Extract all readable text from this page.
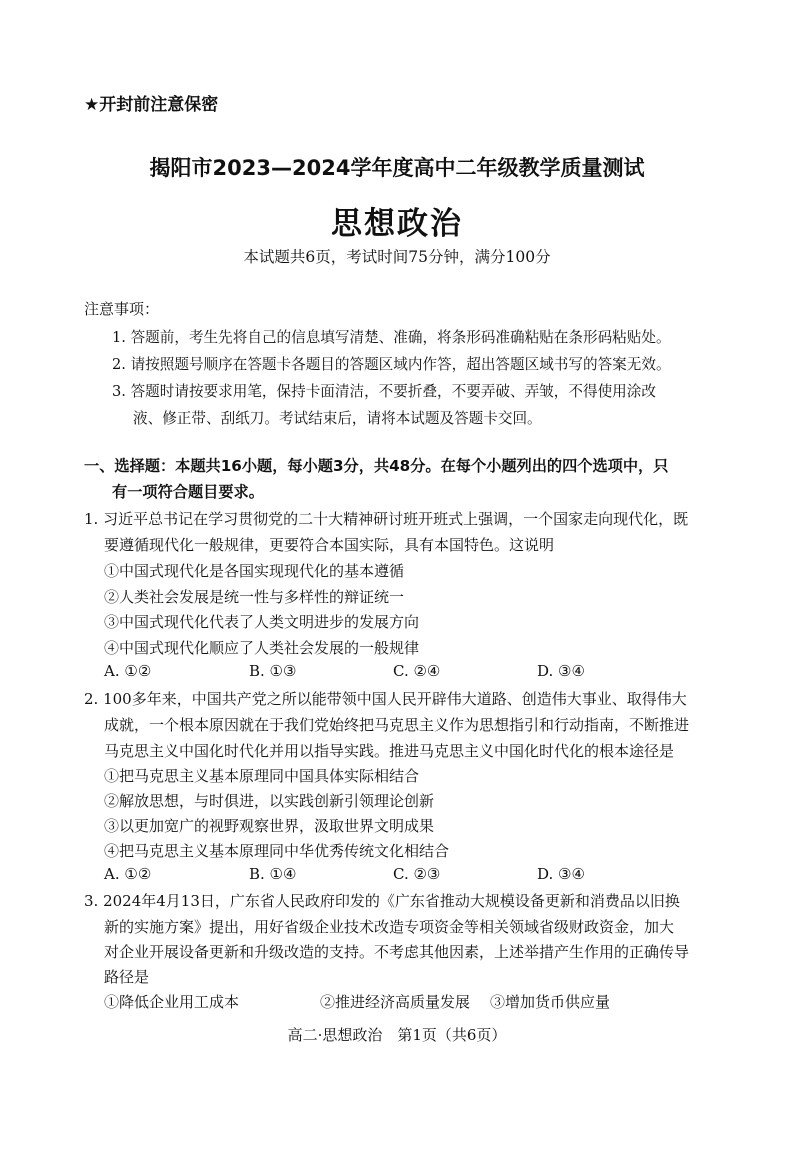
★开封前注意保密
揭阳市2023—2024学年度高中二年级教学质量测试
思想政治
本试题共6页，考试时间75分钟，满分100分
注意事项：
1. 答题前，考生先将自己的信息填写清楚、准确，将条形码准确粘贴在条形码粘贴处。
2. 请按照题号顺序在答题卡各题目的答题区域内作答，超出答题区域书写的答案无效。
3. 答题时请按要求用笔，保持卡面清洁，不要折叠，不要弄破、弄皱，不得使用涂改
液、修正带、刮纸刀。考试结束后，请将本试题及答题卡交回。
一、选择题：本题共16小题，每小题3分，共48分。在每个小题列出的四个选项中，只
有一项符合题目要求。
1. 习近平总书记在学习贯彻党的二十大精神研讨班开班式上强调，一个国家走向现代化，既
要遵循现代化一般规律，更要符合本国实际，具有本国特色。这说明
①中国式现代化是各国实现现代化的基本遵循
②人类社会发展是统一性与多样性的辩证统一
③中国式现代化代表了人类文明进步的发展方向
④中国式现代化顺应了人类社会发展的一般规律
A. ①②	B. ①③	C. ②④	D. ③④
2. 100多年来，中国共产党之所以能带领中国人民开辟伟大道路、创造伟大事业、取得伟大
成就，一个根本原因就在于我们党始终把马克思主义作为思想指引和行动指南，不断推进
马克思主义中国化时代化并用以指导实践。推进马克思主义中国化时代化的根本途径是
①把马克思主义基本原理同中国具体实际相结合
②解放思想，与时俱进，以实践创新引领理论创新
③以更加宽广的视野观察世界，汲取世界文明成果
④把马克思主义基本原理同中华优秀传统文化相结合
A. ①②	B. ①④	C. ②③	D. ③④
3. 2024年4月13日，广东省人民政府印发的《广东省推动大规模设备更新和消费品以旧换
新的实施方案》提出，用好省级企业技术改造专项资金等相关领域省级财政资金，加大
对企业开展设备更新和升级改造的支持。不考虑其他因素，上述举措产生作用的正确传导
路径是
①降低企业用工成本	②推进经济高质量发展 ③增加货币供应量
高二·思想政治　第1页（共6页）
